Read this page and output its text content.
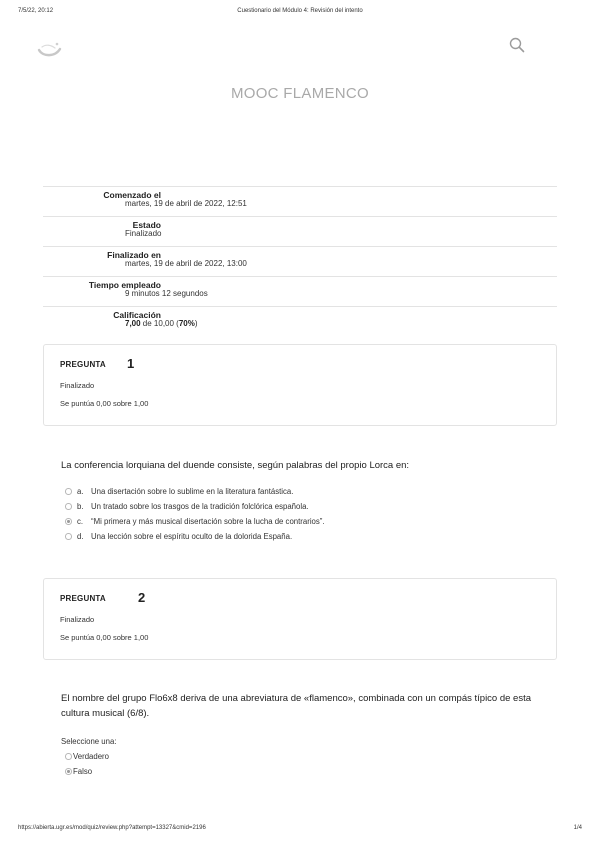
7/5/22, 20:12	Cuestionario del Módulo 4: Revisión del intento
MOOC FLAMENCO
Comenzado el
martes, 19 de abril de 2022, 12:51
Estado
Finalizado
Finalizado en
martes, 19 de abril de 2022, 13:00
Tiempo empleado
9 minutos 12 segundos
Calificación
7,00 de 10,00 (70%)
PREGUNTA 1
Finalizado
Se puntúa 0,00 sobre 1,00
La conferencia lorquiana del duende consiste, según palabras del propio Lorca en:
a. Una disertación sobre lo sublime en la literatura fantástica.
b. Un tratado sobre los trasgos de la tradición folclórica española.
c. “Mi primera y más musical disertación sobre la lucha de contrarios”.
d. Una lección sobre el espíritu oculto de la dolorida España.
PREGUNTA 2
Finalizado
Se puntúa 0,00 sobre 1,00
El nombre del grupo Flo6x8 deriva de una abreviatura de «flamenco», combinada con un compás típico de esta cultura musical (6/8).
Seleccione una:
Verdadero
Falso
https://abierta.ugr.es/mod/quiz/review.php?attempt=13327&cmid=2196	1/4
